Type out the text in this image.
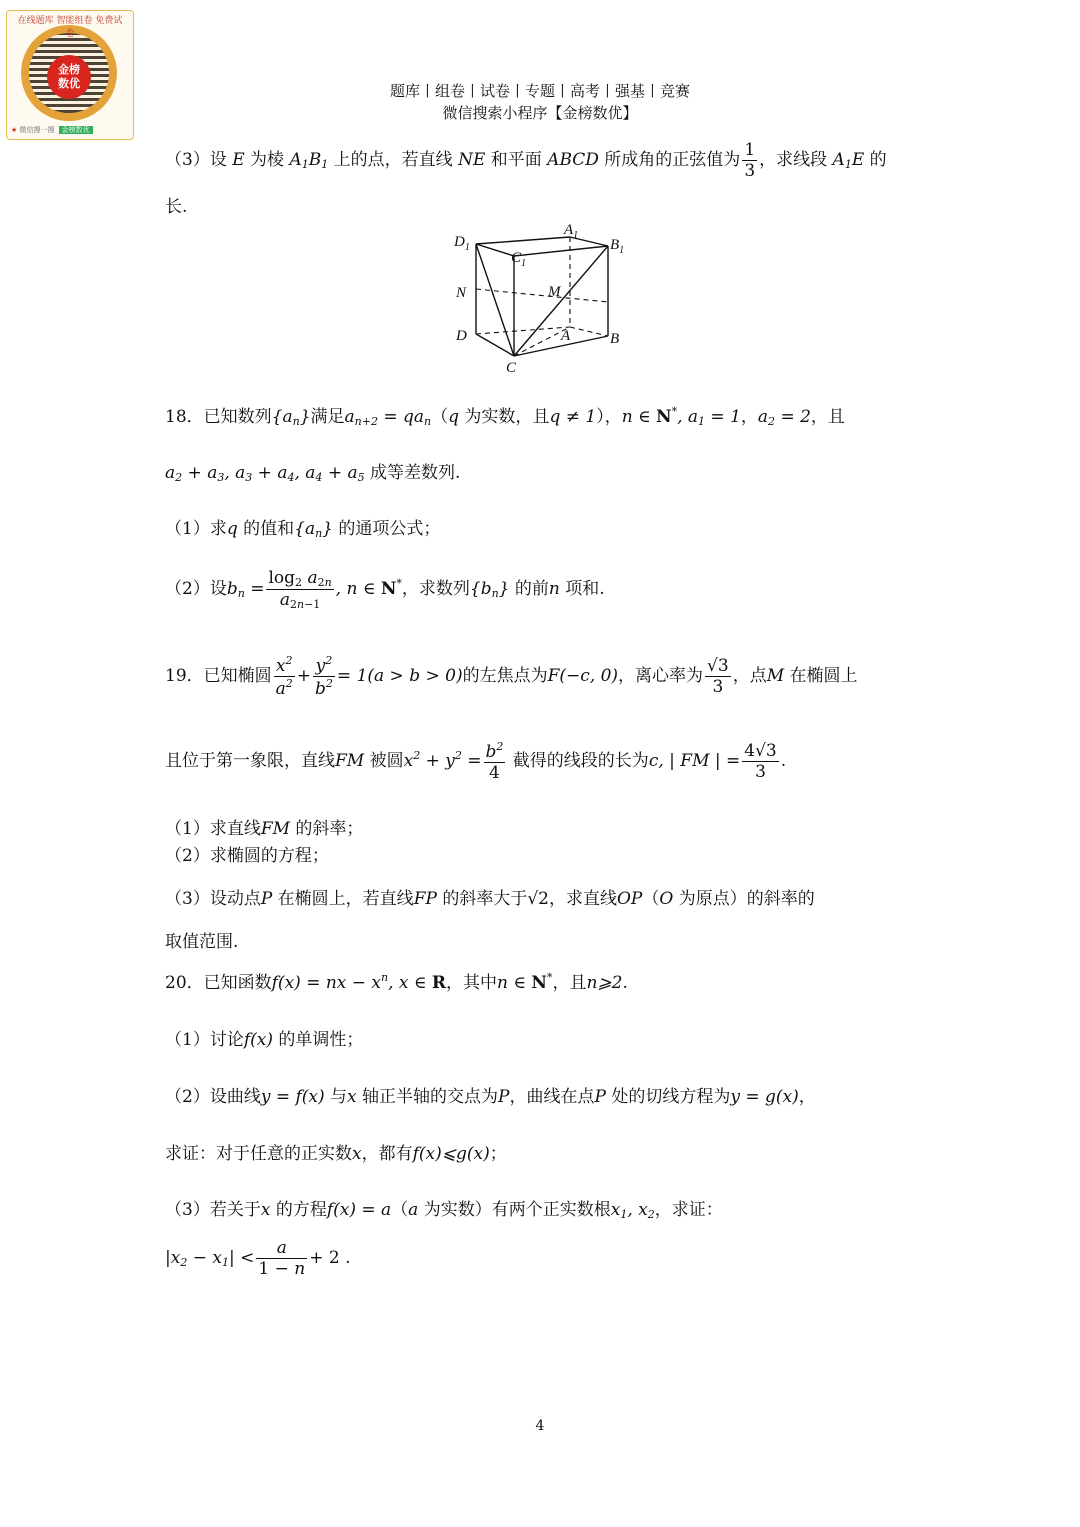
在线题库 智能组卷 免费试卷
金榜
数优
★ 微信搜一搜 金榜数优
题库丨组卷丨试卷丨专题丨高考丨强基丨竞赛
微信搜索小程序【金榜数优】
（3）设 E 为棱 $A_1B_1$ 上的点，若直线 NE 和平面 ABCD 所成角的正弦值为 $\frac{1}{3}$ ，求线段 $A_1E$ 的
长.
$D_1$
$A_1$
$B_1$
$C_1$
N	M
D	A	B
C
18．已知数列$\{a_n\}$满足$a_{n+2} = qa_n(q$ 为实数，且q ≠ 1），n ∈ N*, $a_1 = 1$，$a_2 = 2$，且
$a_2 + a_3$, $a_3 + a_4$, $a_4 + a_5$ 成等差数列.
（1）求q 的值和$\{a_n\}$ 的通项公式；
（2）设$b_n = \frac{\log_2 a_{2n}}{a_{2n-1}}$ , n ∈ N*，求数列$\{b_n\}$ 的前n 项和.
19．已知椭圆 $\frac{x^2}{a^2} + \frac{y^2}{b^2} = 1(a > b > 0)$的左焦点为F(−c, 0)，离心率为 $\frac{√3}{3}$ ，点M 在椭圆上
且位于第一象限，直线FM 被圆$x^2 + y^2 = \frac{b^2}{4}$ 截得的线段的长为c, | FM | = $\frac{4√3}{3}$ .
（1）求直线FM 的斜率；
（2）求椭圆的方程；
（3）设动点P 在椭圆上，若直线FP 的斜率大于√2，求直线OP（O 为原点）的斜率的
取值范围.
20．已知函数f(x) = nx − $x^n$, x ∈ R，其中n ∈ N*，且n⩾2.
（1）讨论f(x) 的单调性；
（2）设曲线y = f(x) 与x 轴正半轴的交点为P，曲线在点P 处的切线方程为y = g(x)，
求证：对于任意的正实数x，都有f(x)⩽g(x)；
（3）若关于x 的方程f(x) = a（a 为实数）有两个正实数根$x_1$, $x_2$，求证：
$|x_2 - x_1| < \frac{a}{1 - n} + 2$ .
4
